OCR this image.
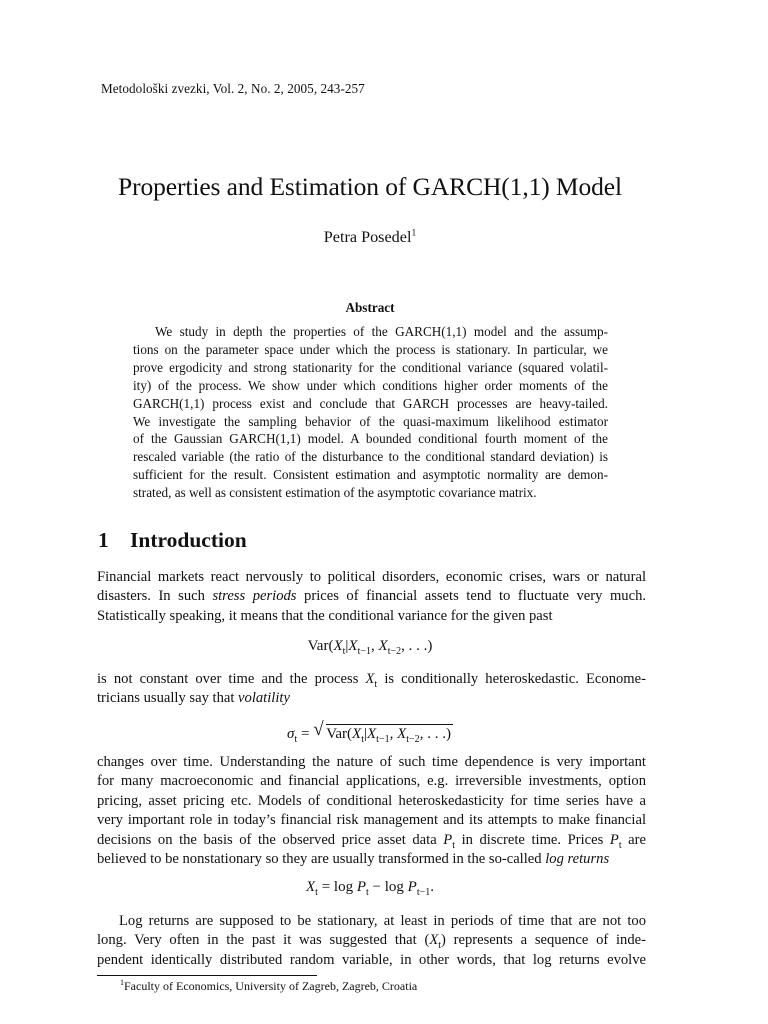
Metodološki zvezki, Vol. 2, No. 2, 2005, 243-257
Properties and Estimation of GARCH(1,1) Model
Petra Posedel$^1$
Abstract
We study in depth the properties of the GARCH(1,1) model and the assump-
tions on the parameter space under which the process is stationary. In particular, we
prove ergodicity and strong stationarity for the conditional variance (squared volatil-
ity) of the process. We show under which conditions higher order moments of the
GARCH(1,1) process exist and conclude that GARCH processes are heavy-tailed.
We investigate the sampling behavior of the quasi-maximum likelihood estimator
of the Gaussian GARCH(1,1) model. A bounded conditional fourth moment of the
rescaled variable (the ratio of the disturbance to the conditional standard deviation) is
sufficient for the result. Consistent estimation and asymptotic normality are demon-
strated, as well as consistent estimation of the asymptotic covariance matrix.
1 Introduction
Financial markets react nervously to political disorders, economic crises, wars or natural
disasters. In such stress periods prices of financial assets tend to fluctuate very much.
Statistically speaking, it means that the conditional variance for the given past
$Var(X_t|X_{t-1}$, $X_{t-2}$, . . .)
is not constant over time and the process $X_t$ is conditionally heteroskedastic. Econome-
tricians usually say that volatility
$\sigma_t$ = √ $Var(X_t|X_{t-1}$, $X_{t-2}$, . . .)
changes over time. Understanding the nature of such time dependence is very important
for many macroeconomic and financial applications, e.g. irreversible investments, option
pricing, asset pricing etc. Models of conditional heteroskedasticity for time series have a
very important role in today’s financial risk management and its attempts to make financial
decisions on the basis of the observed price asset data $P_t$ in discrete time. Prices $P_t$ are
believed to be nonstationary so they are usually transformed in the so-called log returns
$X_t = \log P_t - \log P_{t-1}$.
Log returns are supposed to be stationary, at least in periods of time that are not too
long. Very often in the past it was suggested that $(X_t)$ represents a sequence of inde-
pendent identically distributed random variable, in other words, that log returns evolve
$^1$Faculty of Economics, University of Zagreb, Zagreb, Croatia
